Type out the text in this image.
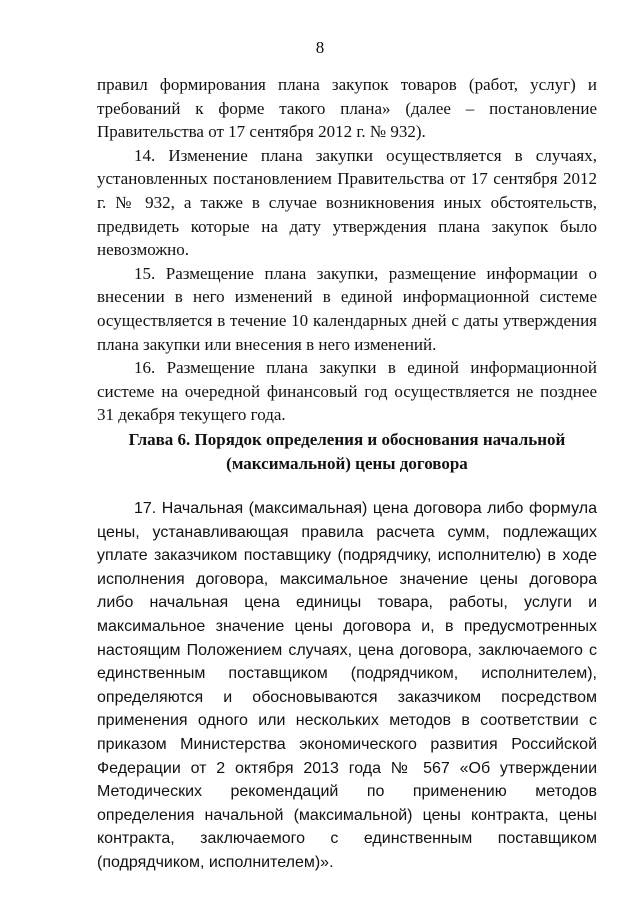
8

правил формирования плана закупок товаров (работ, услуг) и требований к форме такого плана» (далее – постановление Правительства от 17 сентября 2012 г. № 932).

14. Изменение плана закупки осуществляется в случаях, установленных постановлением Правительства от 17 сентября 2012 г. № 932, а также в случае возникновения иных обстоятельств, предвидеть которые на дату утверждения плана закупок было невозможно.

15. Размещение плана закупки, размещение информации о внесении в него изменений в единой информационной системе осуществляется в течение 10 календарных дней с даты утверждения плана закупки или внесения в него изменений.

16. Размещение плана закупки в единой информационной системе на очередной финансовый год осуществляется не позднее 31 декабря текущего года.

Глава 6. Порядок определения и обоснования начальной
(максимальной) цены договора

17. Начальная (максимальная) цена договора либо формула цены, устанавливающая правила расчета сумм, подлежащих уплате заказчиком поставщику (подрядчику, исполнителю) в ходе исполнения договора, максимальное значение цены договора либо начальная цена единицы товара, работы, услуги и максимальное значение цены договора и, в предусмотренных настоящим Положением случаях, цена договора, заключаемого с единственным поставщиком (подрядчиком, исполнителем), определяются и обосновываются заказчиком посредством применения одного или нескольких методов в соответствии с приказом Министерства экономического развития Российской Федерации от 2 октября 2013 года № 567 «Об утверждении Методических рекомендаций по применению методов определения начальной (максимальной) цены контракта, цены контракта, заключаемого с единственным поставщиком (подрядчиком, исполнителем)».
